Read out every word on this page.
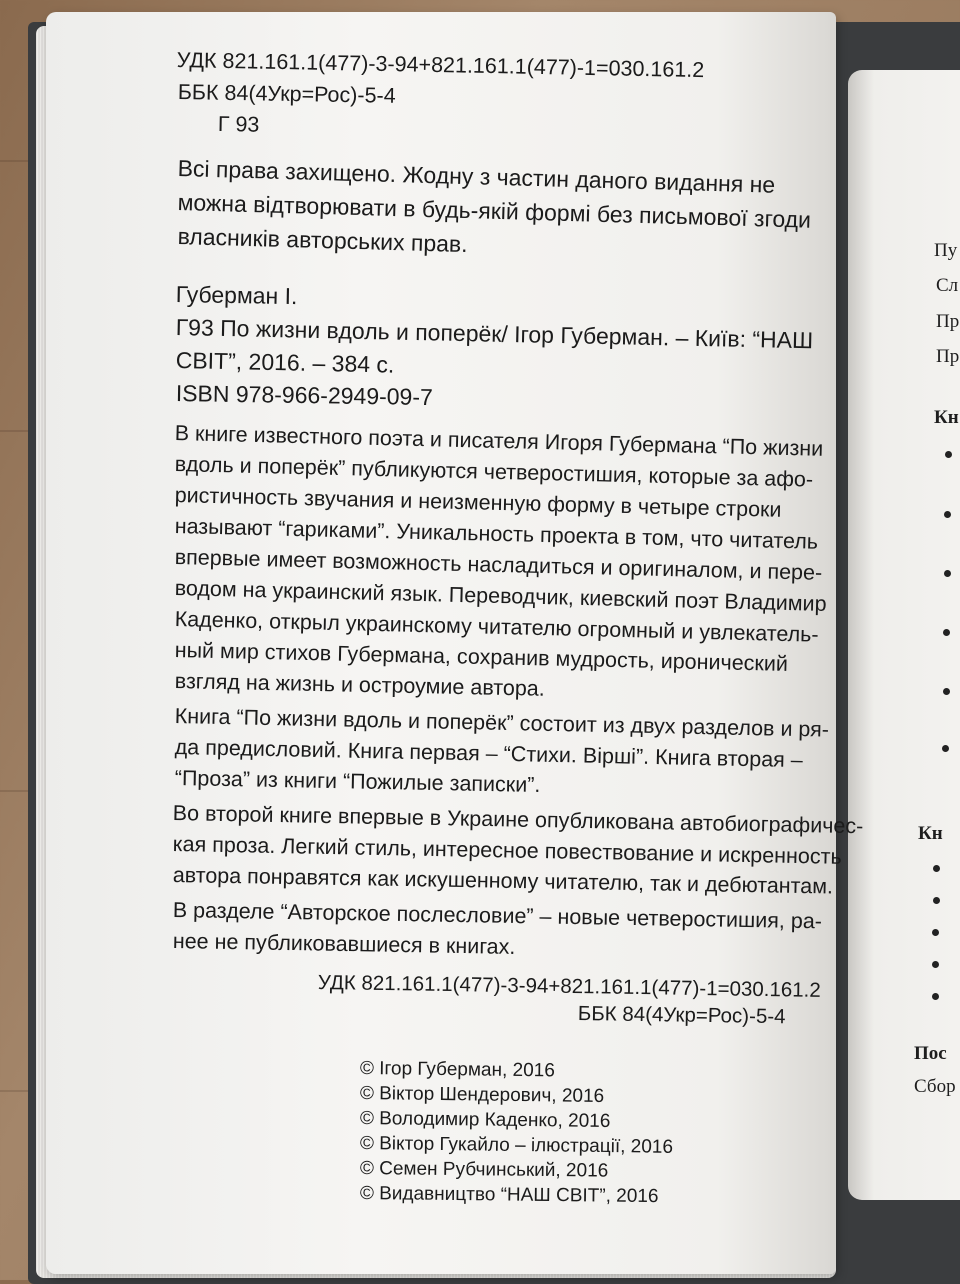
УДК 821.161.1(477)-3-94+821.161.1(477)-1=030.161.2
ББК 84(4Укр=Рос)-5-4
Г 93
Всі права захищено. Жодну з частин даного видання не
можна відтворювати в будь-якій формі без письмової згоди
власників авторських прав.
Губерман І.
Г93 По жизни вдоль и поперёк/ Ігор Губерман. – Київ: “НАШ
СВІТ”, 2016. – 384 с.
ISBN 978-966-2949-09-7
В книге известного поэта и писателя Игоря Губермана “По жизни
вдоль и поперёк” публикуются четверостишия, которые за афо-
ристичность звучания и неизменную форму в четыре строки
называют “гариками”. Уникальность проекта в том, что читатель
впервые имеет возможность насладиться и оригиналом, и пере-
водом на украинский язык. Переводчик, киевский поэт Владимир
Каденко, открыл украинскому читателю огромный и увлекатель-
ный мир стихов Губермана, сохранив мудрость, иронический
взгляд на жизнь и остроумие автора.
Книга “По жизни вдоль и поперёк” состоит из двух разделов и ря-
да предисловий. Книга первая – “Стихи. Вірші”. Книга вторая –
“Проза” из книги “Пожилые записки”.
Во второй книге впервые в Украине опубликована автобиографичес-
кая проза. Легкий стиль, интересное повествование и искренность
автора понравятся как искушенному читателю, так и дебютантам.
В разделе “Авторское послесловие” – новые четверостишия, ра-
нее не публиковавшиеся в книгах.
УДК 821.161.1(477)-3-94+821.161.1(477)-1=030.161.2
ББК 84(4Укр=Рос)-5-4
© Ігор Губерман, 2016
© Віктор Шендерович, 2016
© Володимир Каденко, 2016
© Віктор Гукайло – ілюстрації, 2016
© Семен Рубчинський, 2016
© Видавництво “НАШ СВІТ”, 2016
Пу
Сл
Пр
Пр
Кн
Кн
Пос
Сбор
